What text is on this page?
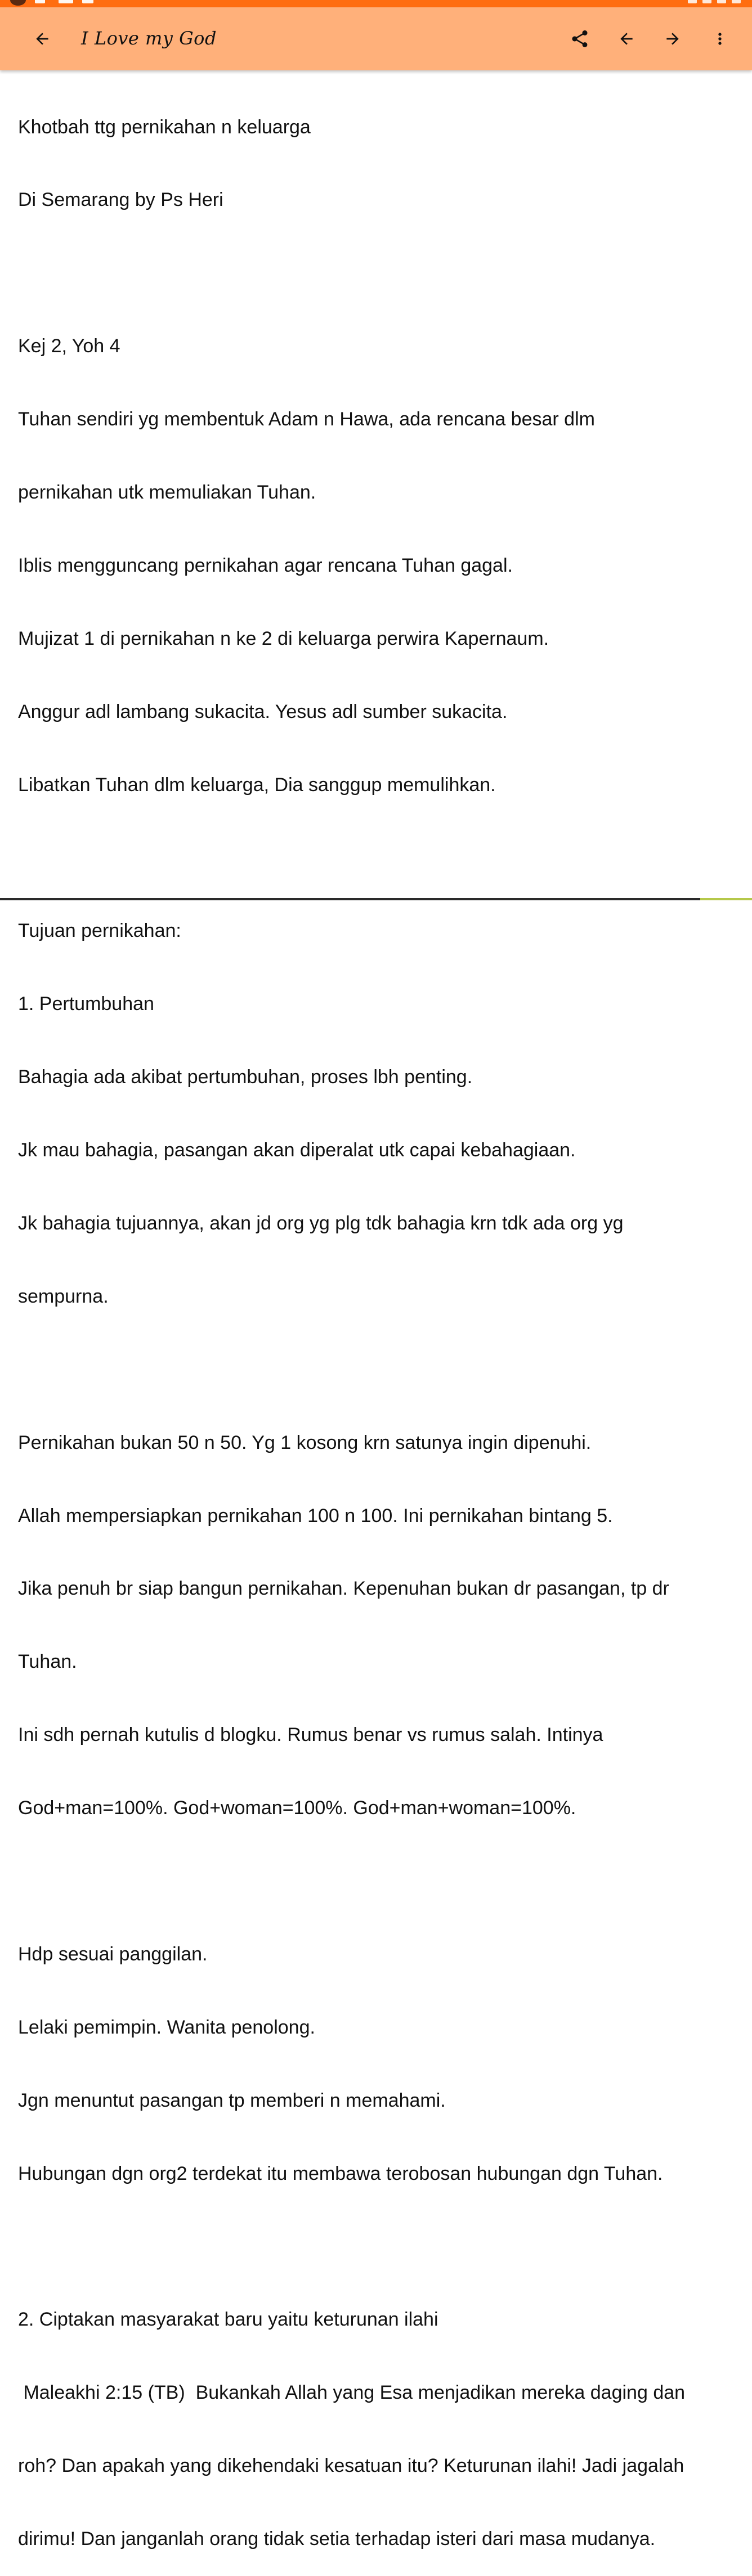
I Love my God

Khotbah ttg pernikahan n keluarga

Di Semarang by Ps Heri

Kej 2, Yoh 4

Tuhan sendiri yg membentuk Adam n Hawa, ada rencana besar dlm

pernikahan utk memuliakan Tuhan.

Iblis mengguncang pernikahan agar rencana Tuhan gagal.

Mujizat 1 di pernikahan n ke 2 di keluarga perwira Kapernaum.

Anggur adl lambang sukacita. Yesus adl sumber sukacita.

Libatkan Tuhan dlm keluarga, Dia sanggup memulihkan.

Tujuan pernikahan:

1. Pertumbuhan

Bahagia ada akibat pertumbuhan, proses lbh penting.

Jk mau bahagia, pasangan akan diperalat utk capai kebahagiaan.

Jk bahagia tujuannya, akan jd org yg plg tdk bahagia krn tdk ada org yg

sempurna.

Pernikahan bukan 50 n 50. Yg 1 kosong krn satunya ingin dipenuhi.

Allah mempersiapkan pernikahan 100 n 100. Ini pernikahan bintang 5.

Jika penuh br siap bangun pernikahan. Kepenuhan bukan dr pasangan, tp dr

Tuhan.

Ini sdh pernah kutulis d blogku. Rumus benar vs rumus salah. Intinya

God+man=100%. God+woman=100%. God+man+woman=100%.

Hdp sesuai panggilan.

Lelaki pemimpin. Wanita penolong.

Jgn menuntut pasangan tp memberi n memahami.

Hubungan dgn org2 terdekat itu membawa terobosan hubungan dgn Tuhan.

2. Ciptakan masyarakat baru yaitu keturunan ilahi

Maleakhi 2:15 (TB)  Bukankah Allah yang Esa menjadikan mereka daging dan

roh? Dan apakah yang dikehendaki kesatuan itu? Keturunan ilahi! Jadi jagalah

dirimu! Dan janganlah orang tidak setia terhadap isteri dari masa mudanya.
